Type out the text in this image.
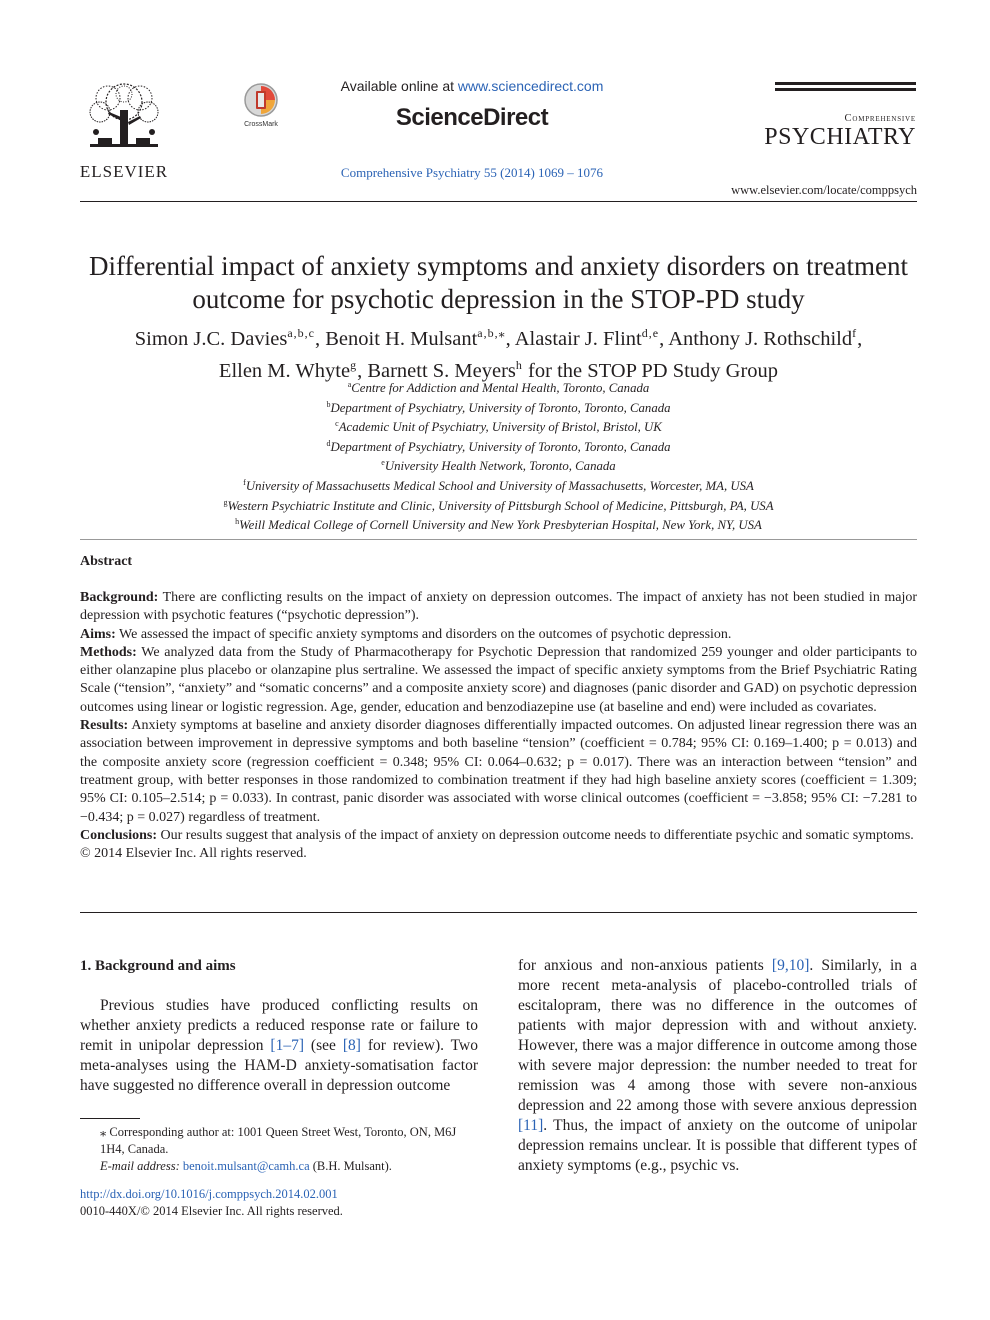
ELSEVIER
CrossMark
Available online at www.sciencedirect.com
ScienceDirect
Comprehensive Psychiatry 55 (2014) 1069 – 1076
Comprehensive
PSYCHIATRY
www.elsevier.com/locate/comppsych
Differential impact of anxiety symptoms and anxiety disorders on treatment outcome for psychotic depression in the STOP-PD study
Simon J.C. Davies$^{a,b,c}$, Benoit H. Mulsant$^{a,b,⁎}$, Alastair J. Flint$^{d,e}$, Anthony J. Rothschild$^f$,
Ellen M. Whyte$^g$, Barnett S. Meyers$^h$ for the STOP PD Study Group
$^a$Centre for Addiction and Mental Health, Toronto, Canada
$^b$Department of Psychiatry, University of Toronto, Toronto, Canada
$^c$Academic Unit of Psychiatry, University of Bristol, Bristol, UK
$^d$Department of Psychiatry, University of Toronto, Toronto, Canada
$^e$University Health Network, Toronto, Canada
$^f$University of Massachusetts Medical School and University of Massachusetts, Worcester, MA, USA
$^g$Western Psychiatric Institute and Clinic, University of Pittsburgh School of Medicine, Pittsburgh, PA, USA
$^h$Weill Medical College of Cornell University and New York Presbyterian Hospital, New York, NY, USA
Abstract

Background: There are conflicting results on the impact of anxiety on depression outcomes. The impact of anxiety has not been studied in major depression with psychotic features (“psychotic depression”).

Aims: We assessed the impact of specific anxiety symptoms and disorders on the outcomes of psychotic depression.

Methods: We analyzed data from the Study of Pharmacotherapy for Psychotic Depression that randomized 259 younger and older participants to either olanzapine plus placebo or olanzapine plus sertraline. We assessed the impact of specific anxiety symptoms from the Brief Psychiatric Rating Scale (“tension”, “anxiety” and “somatic concerns” and a composite anxiety score) and diagnoses (panic disorder and GAD) on psychotic depression outcomes using linear or logistic regression. Age, gender, education and benzodiazepine use (at baseline and end) were included as covariates.

Results: Anxiety symptoms at baseline and anxiety disorder diagnoses differentially impacted outcomes. On adjusted linear regression there was an association between improvement in depressive symptoms and both baseline “tension” (coefficient = 0.784; 95% CI: 0.169–1.400; p = 0.013) and the composite anxiety score (regression coefficient = 0.348; 95% CI: 0.064–0.632; p = 0.017). There was an interaction between “tension” and treatment group, with better responses in those randomized to combination treatment if they had high baseline anxiety scores (coefficient = 1.309; 95% CI: 0.105–2.514; p = 0.033). In contrast, panic disorder was associated with worse clinical outcomes (coefficient = −3.858; 95% CI: −7.281 to −0.434; p = 0.027) regardless of treatment.

Conclusions: Our results suggest that analysis of the impact of anxiety on depression outcome needs to differentiate psychic and somatic symptoms.

© 2014 Elsevier Inc. All rights reserved.

1. Background and aims

Previous studies have produced conflicting results on whether anxiety predicts a reduced response rate or failure to remit in unipolar depression [1–7] (see [8] for review). Two meta-analyses using the HAM-D anxiety-somatisation factor have suggested no difference overall in depression outcome

for anxious and non-anxious patients [9,10]. Similarly, in a more recent meta-analysis of placebo-controlled trials of escitalopram, there was no difference in the outcomes of patients with major depression with and without anxiety. However, there was a major difference in outcome among those with severe major depression: the number needed to treat for remission was 4 among those with severe non-anxious depression and 22 among those with severe anxious depression [11]. Thus, the impact of anxiety on the outcome of unipolar depression remains unclear. It is possible that different types of anxiety symptoms (e.g., psychic vs.

⁎ Corresponding author at: 1001 Queen Street West, Toronto, ON, M6J 1H4, Canada.

E-mail address: benoit.mulsant@camh.ca (B.H. Mulsant).

http://dx.doi.org/10.1016/j.comppsych.2014.02.001

0010-440X/© 2014 Elsevier Inc. All rights reserved.
